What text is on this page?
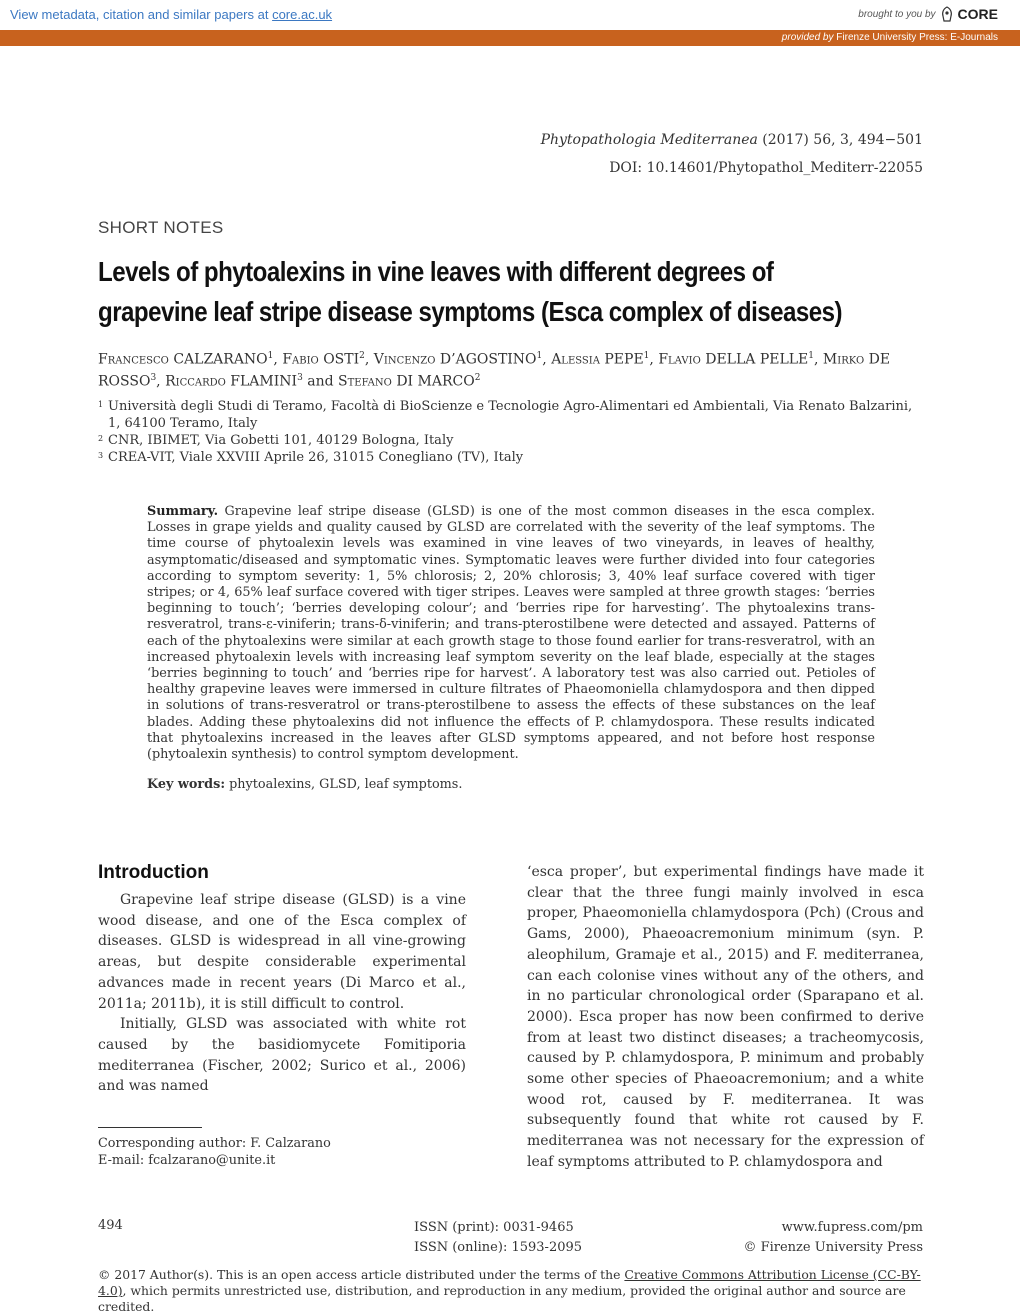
View metadata, citation and similar papers at core.ac.uk	brought to you by CORE
provided by Firenze University Press: E-Journals
Phytopathologia Mediterranea (2017) 56, 3, 494−501
DOI: 10.14601/Phytopathol_Mediterr-22055
SHORT NOTES
Levels of phytoalexins in vine leaves with different degrees of
grapevine leaf stripe disease symptoms (Esca complex of diseases)
Francesco CALZARANO$^1$, Fabio OSTI$^2$, Vincenzo D’AGOSTINO$^1$, Alessia PEPE$^1$, Flavio DELLA PELLE$^1$, Mirko DE ROSSO$^3$, Riccardo FLAMINI$^3$ and Stefano DI MARCO$^2$
1 Università degli Studi di Teramo, Facoltà di BioScienze e Tecnologie Agro-Alimentari ed Ambientali, Via Renato Balzarini, 1, 64100 Teramo, Italy
2 CNR, IBIMET, Via Gobetti 101, 40129 Bologna, Italy
3 CREA-VIT, Viale XXVIII Aprile 26, 31015 Conegliano (TV), Italy
Summary. Grapevine leaf stripe disease (GLSD) is one of the most common diseases in the esca complex. Losses in grape yields and quality caused by GLSD are correlated with the severity of the leaf symptoms. The time course of phytoalexin levels was examined in vine leaves of two vineyards, in leaves of healthy, asymptomatic/diseased and symptomatic vines. Symptomatic leaves were further divided into four categories according to symptom severity: 1, 5% chlorosis; 2, 20% chlorosis; 3, 40% leaf surface covered with tiger stripes; or 4, 65% leaf surface covered with tiger stripes. Leaves were sampled at three growth stages: ‘berries beginning to touch’; ‘berries developing colour’; and ‘berries ripe for harvesting’. The phytoalexins trans-resveratrol, trans-ε-viniferin; trans-δ-viniferin; and trans-pterostilbene were detected and assayed. Patterns of each of the phytoalexins were similar at each growth stage to those found earlier for trans-resveratrol, with an increased phytoalexin levels with increasing leaf symptom severity on the leaf blade, especially at the stages ‘berries beginning to touch’ and ‘berries ripe for harvest’. A laboratory test was also carried out. Petioles of healthy grapevine leaves were immersed in culture filtrates of Phaeomoniella chlamydospora and then dipped in solutions of trans-resveratrol or trans-pterostilbene to assess the effects of these substances on the leaf blades. Adding these phytoalexins did not influence the effects of P. chlamydospora. These results indicated that phytoalexins increased in the leaves after GLSD symptoms appeared, and not before host response (phytoalexin synthesis) to control symptom development.
Key words: phytoalexins, GLSD, leaf symptoms.
Introduction

Grapevine leaf stripe disease (GLSD) is a vine wood disease, and one of the Esca complex of diseases. GLSD is widespread in all vine-growing areas, but despite considerable experimental advances made in recent years (Di Marco et al., 2011a; 2011b), it is still difficult to control.

Initially, GLSD was associated with white rot caused by the basidiomycete Fomitiporia mediterranea (Fischer, 2002; Surico et al., 2006) and was named

‘esca proper’, but experimental findings have made it clear that the three fungi mainly involved in esca proper, Phaeomoniella chlamydospora (Pch) (Crous and Gams, 2000), Phaeoacremonium minimum (syn. P. aleophilum, Gramaje et al., 2015) and F. mediterranea, can each colonise vines without any of the others, and in no particular chronological order (Sparapano et al. 2000). Esca proper has now been confirmed to derive from at least two distinct diseases; a tracheomycosis, caused by P. chlamydospora, P. minimum and probably some other species of Phaeoacremonium; and a white wood rot, caused by F. mediterranea. It was subsequently found that white rot caused by F. mediterranea was not necessary for the expression of leaf symptoms attributed to P. chlamydospora and

Corresponding author: F. Calzarano
E-mail: fcalzarano@unite.it
494	ISSN (print): 0031-9465
ISSN (online): 1593-2095
www.fupress.com/pm
© Firenze University Press
© 2017 Author(s). This is an open access article distributed under the terms of the Creative Commons Attribution License (CC-BY-4.0), which permits unrestricted use, distribution, and reproduction in any medium, provided the original author and source are credited.
